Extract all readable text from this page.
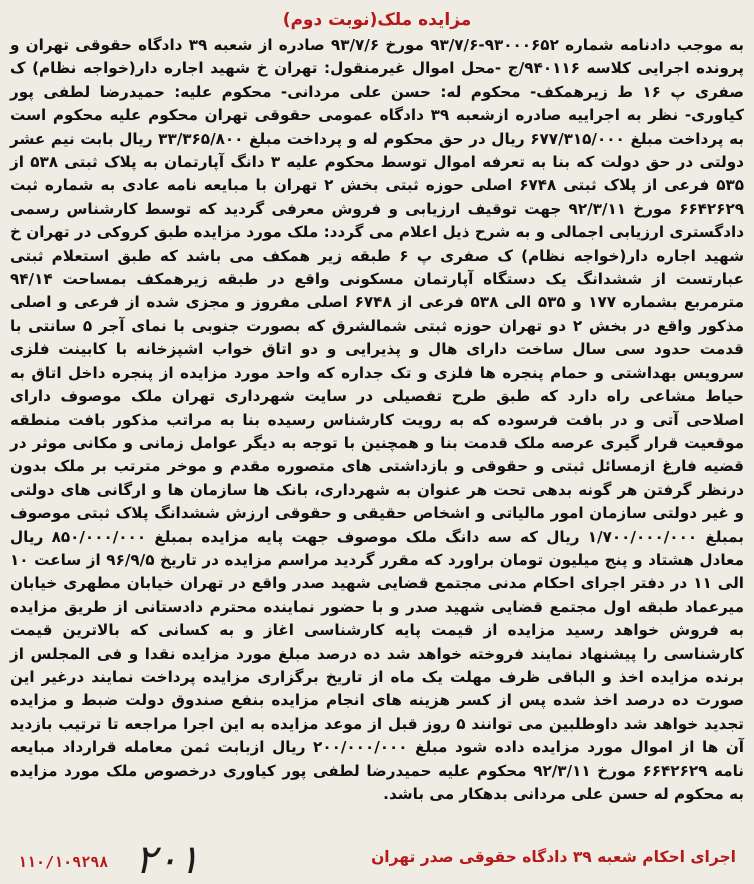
مزایده ملک(نوبت دوم)

به موجب دادنامه شماره ۹۳۰۰۰۶۵۲-۹۳/۷/۶ مورخ ۹۳/۷/۶ صادره از شعبه ۳۹ دادگاه حقوقی تهران و پرونده اجرایی کلاسه ۹۴۰۱۱۶/ج -محل اموال غیرمنقول: تهران خ شهید اجاره دار(خواجه نظام) ک صفری پ ۱۶ ط زیرهمکف- محکوم له: حسن علی مردانی- محکوم علیه: حمیدرضا لطفی پور کیاوری- نظر به اجراییه صادره ازشعبه ۳۹ دادگاه عمومی حقوقی تهران محکوم علیه محکوم است به پرداخت مبلغ ۶۷۷/۳۱۵/۰۰۰ ریال در حق محکوم له و پرداخت مبلغ ۳۳/۳۶۵/۸۰۰ ریال بابت نیم عشر دولتی در حق دولت که بنا به تعرفه اموال توسط محکوم علیه ۳ دانگ آپارتمان به پلاک ثبتی ۵۳۸ از ۵۳۵ فرعی از پلاک ثبتی ۶۷۴۸ اصلی حوزه ثبتی بخش ۲ تهران با مبایعه نامه عادی به شماره ثبت ۶۶۴۲۶۲۹ مورخ ۹۲/۳/۱۱ جهت توقیف ارزیابی و فروش معرفی گردید که توسط کارشناس رسمی دادگستری ارزیابی اجمالی و به شرح ذیل اعلام می گردد: ملک مورد مزایده طبق کروکی در تهران خ شهید اجاره دار(خواجه نظام) ک صفری پ ۶ طبقه زیر همکف می باشد که طبق استعلام ثبتی عبارتست از ششدانگ یک دستگاه آپارتمان مسکونی واقع در طبقه زیرهمکف بمساحت ۹۴/۱۴ مترمربع بشماره ۱۷۷ و ۵۳۵ الی ۵۳۸ فرعی از ۶۷۴۸ اصلی مفروز و مجزی شده از فرعی و اصلی مذکور واقع در بخش ۲ دو تهران حوزه ثبتی شمالشرق که بصورت جنوبی با نمای آجر ۵ سانتی با قدمت حدود سی سال ساخت دارای هال و پذیرایی و دو اتاق خواب اشپزخانه با کابینت فلزی سرویس بهداشتی و حمام پنجره ها فلزی و تک جداره که واحد مورد مزایده از پنجره داخل اتاق به حیاط مشاعی راه دارد که طبق طرح تفصیلی در سایت شهرداری تهران ملک موصوف دارای اصلاحی آتی و در بافت فرسوده که به رویت کارشناس رسیده بنا به مراتب مذکور بافت منطقه موقعیت قرار گیری عرصه ملک قدمت بنا و همچنین با توجه به دیگر عوامل زمانی و مکانی موثر در قضیه فارغ ازمسائل ثبتی و حقوقی و بازداشتی های متصوره مقدم و موخر مترتب بر ملک بدون درنظر گرفتن هر گونه بدهی تحت هر عنوان به شهرداری، بانک ها سازمان ها و ارگانی های دولتی و غیر دولتی سازمان امور مالیاتی و اشخاص حقیقی و حقوقی ارزش ششدانگ پلاک ثبتی موصوف بمبلغ ۱/۷۰۰/۰۰۰/۰۰۰ ریال که سه دانگ ملک موصوف جهت پایه مزایده بمبلغ ۸۵۰/۰۰۰/۰۰۰ ریال معادل هشتاد و پنج میلیون تومان براورد که مقرر گردید مراسم مزایده در تاریخ ۹۶/۹/۵ از ساعت ۱۰ الی ۱۱ در دفتر اجرای احکام مدنی مجتمع قضایی شهید صدر واقع در تهران خیابان مطهری خیابان میرعماد طبقه اول مجتمع قضایی شهید صدر و با حضور نماینده محترم دادستانی از طریق مزایده به فروش خواهد رسید مزایده از قیمت پایه کارشناسی اغاز و به کسانی که بالاترین قیمت کارشناسی را پیشنهاد نمایند فروخته خواهد شد ده درصد مبلغ مورد مزایده نقدا و فی المجلس از برنده مزایده اخذ و الباقی ظرف مهلت یک ماه از تاریخ برگزاری مزایده پرداخت نمایند درغیر این صورت ده درصد اخذ شده پس از کسر هزینه های انجام مزایده بنفع صندوق دولت ضبط و مزایده تجدید خواهد شد داوطلبین می توانند ۵ روز قبل از موعد مزایده به این اجرا مراجعه تا ترتیب بازدید آن ها از اموال مورد مزایده داده شود مبلغ ۲۰۰/۰۰۰/۰۰۰ ریال ازبابت ثمن معامله قرارداد مبایعه نامه ۶۶۴۲۶۲۹ مورخ ۹۲/۳/۱۱ محکوم علیه حمیدرضا لطفی پور کیاوری درخصوص ملک مورد مزایده به محکوم له حسن علی مردانی بدهکار می باشد.

اجرای احکام شعبه ۳۹ دادگاه حقوقی صدر تهران
۲۰۱
۱۱۰/۱۰۹۲۹۸
